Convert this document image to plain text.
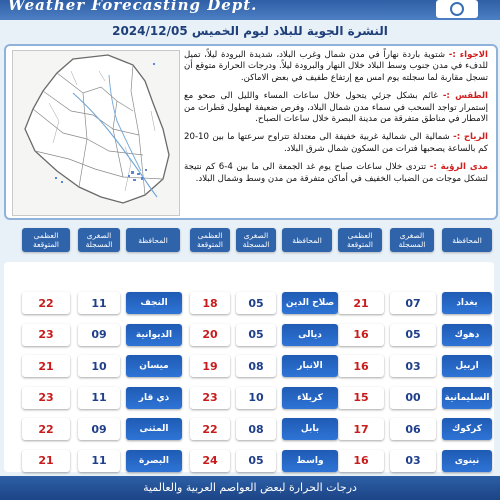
Weather Forecasting Dept.
النشرة الجوية للبلاد ليوم الخميس 2024/12/05

الاجواء :- شتوية باردة نهاراً في مدن شمال وغرب البلاد، شديدة البرودة ليلاً، تميل للدفء في مدن جنوب وسط البلاد خلال النهار والبرودة ليلاً. ودرجات الحرارة متوقع أن تسجل مقاربة لما سجلته يوم امس مع إرتفاع طفيف في بعض الاماكن.

الطقس :- غائم بشكل جزئي يتحول خلال ساعات المساء والليل الى صحو مع إستمرار تواجد السحب في سماء مدن شمال البلاد، وفرص ضعيفة لهطول قطرات من الامطار في مناطق متفرقة من مدينة البصرة خلال ساعات الصباح.

الرياح :- شمالية الى شمالية غربية خفيفة الى معتدلة تتراوح سرعتها ما بين 10-20 كم بالساعة يصحبها فترات من السكون شمال شرق البلاد.

مدى الرؤية :- تتردى خلال ساعات صباح يوم غد الجمعة الى ما بين 4-6 كم نتيجة لتشكل موجات من الضباب الخفيف في أماكن متفرقة من مدن وسط وشمال البلاد.

المحافظة
الصغرى المسجلة
العظمى المتوقعة
المحافظة
الصغرى المسجلة
العظمى المتوقعة
المحافظة
الصغرى المسجلة
العظمى المتوقعة
بغداد
07
21
دهوك
05
16
اربيل
03
16
السليمانية
00
15
كركوك
06
17
نينوى
03
16
صلاح الدين
05
18
ديالى
05
20
الانبار
08
19
كربلاء
10
23
بابل
08
22
واسط
05
24
النجف
11
22
الديوانية
09
23
ميسان
10
21
ذي قار
11
23
المثنى
09
22
البصرة
11
21
درجات الحرارة لبعض العواصم العربية والعالمية
